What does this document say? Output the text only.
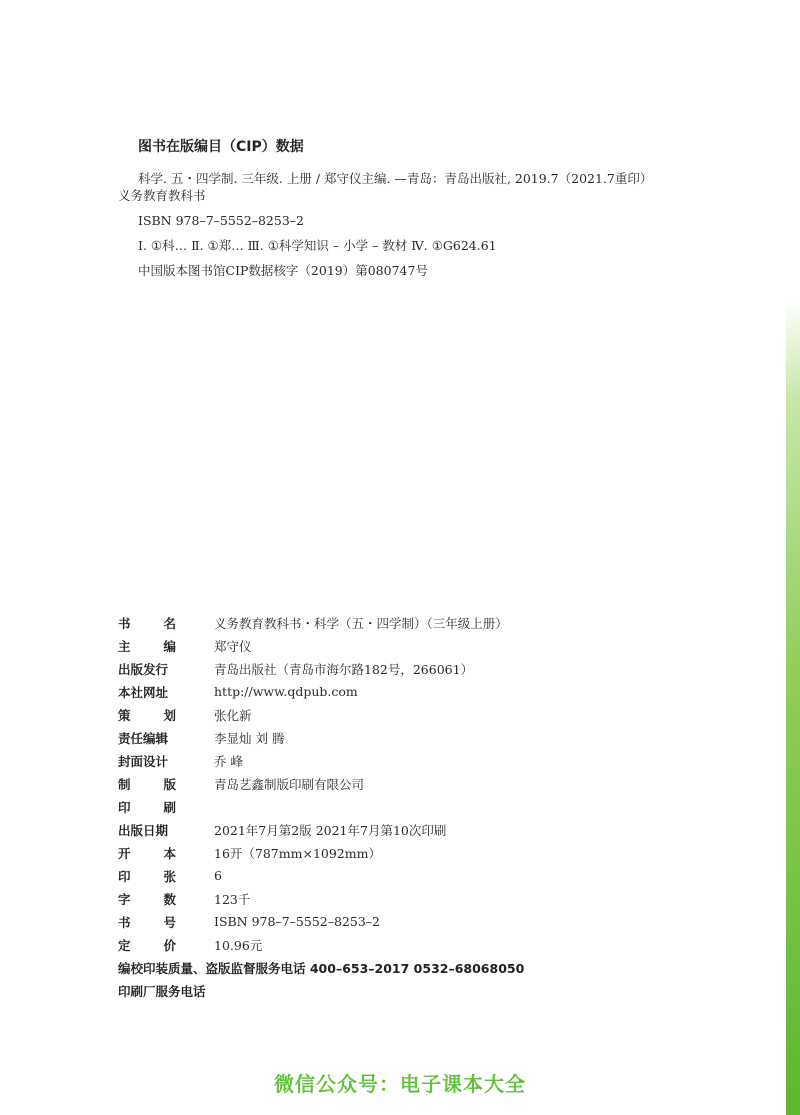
图书在版编目（CIP）数据

科学. 五・四学制. 三年级. 上册 / 郑守仪主编. —青岛：青岛出版社, 2019.7（2021.7重印）

义务教育教科书

ISBN 978–7–5552–8253–2

Ⅰ. ①科… Ⅱ. ①郑… Ⅲ. ①科学知识 – 小学 – 教材 Ⅳ. ①G624.61

中国版本图书馆CIP数据核字（2019）第080747号

书	名	义务教育教科书・科学（五・四学制）（三年级上册）
主	编	郑守仪
出版发行	青岛出版社（青岛市海尔路182号，266061）
本社网址	http://www.qdpub.com
策	划	张化新
责任编辑	李显灿 刘 腾
封面设计	乔 峰
制	版	青岛艺鑫制版印刷有限公司
印	刷
出版日期	2021年7月第2版 2021年7月第10次印刷
开	本	16开（787mm×1092mm）
印	张	6
字	数	123千
书	号	ISBN 978–7–5552–8253–2
定	价	10.96元
编校印装质量、盗版监督服务电话 400–653–2017 0532–68068050
印刷厂服务电话
微信公众号：电子课本大全
